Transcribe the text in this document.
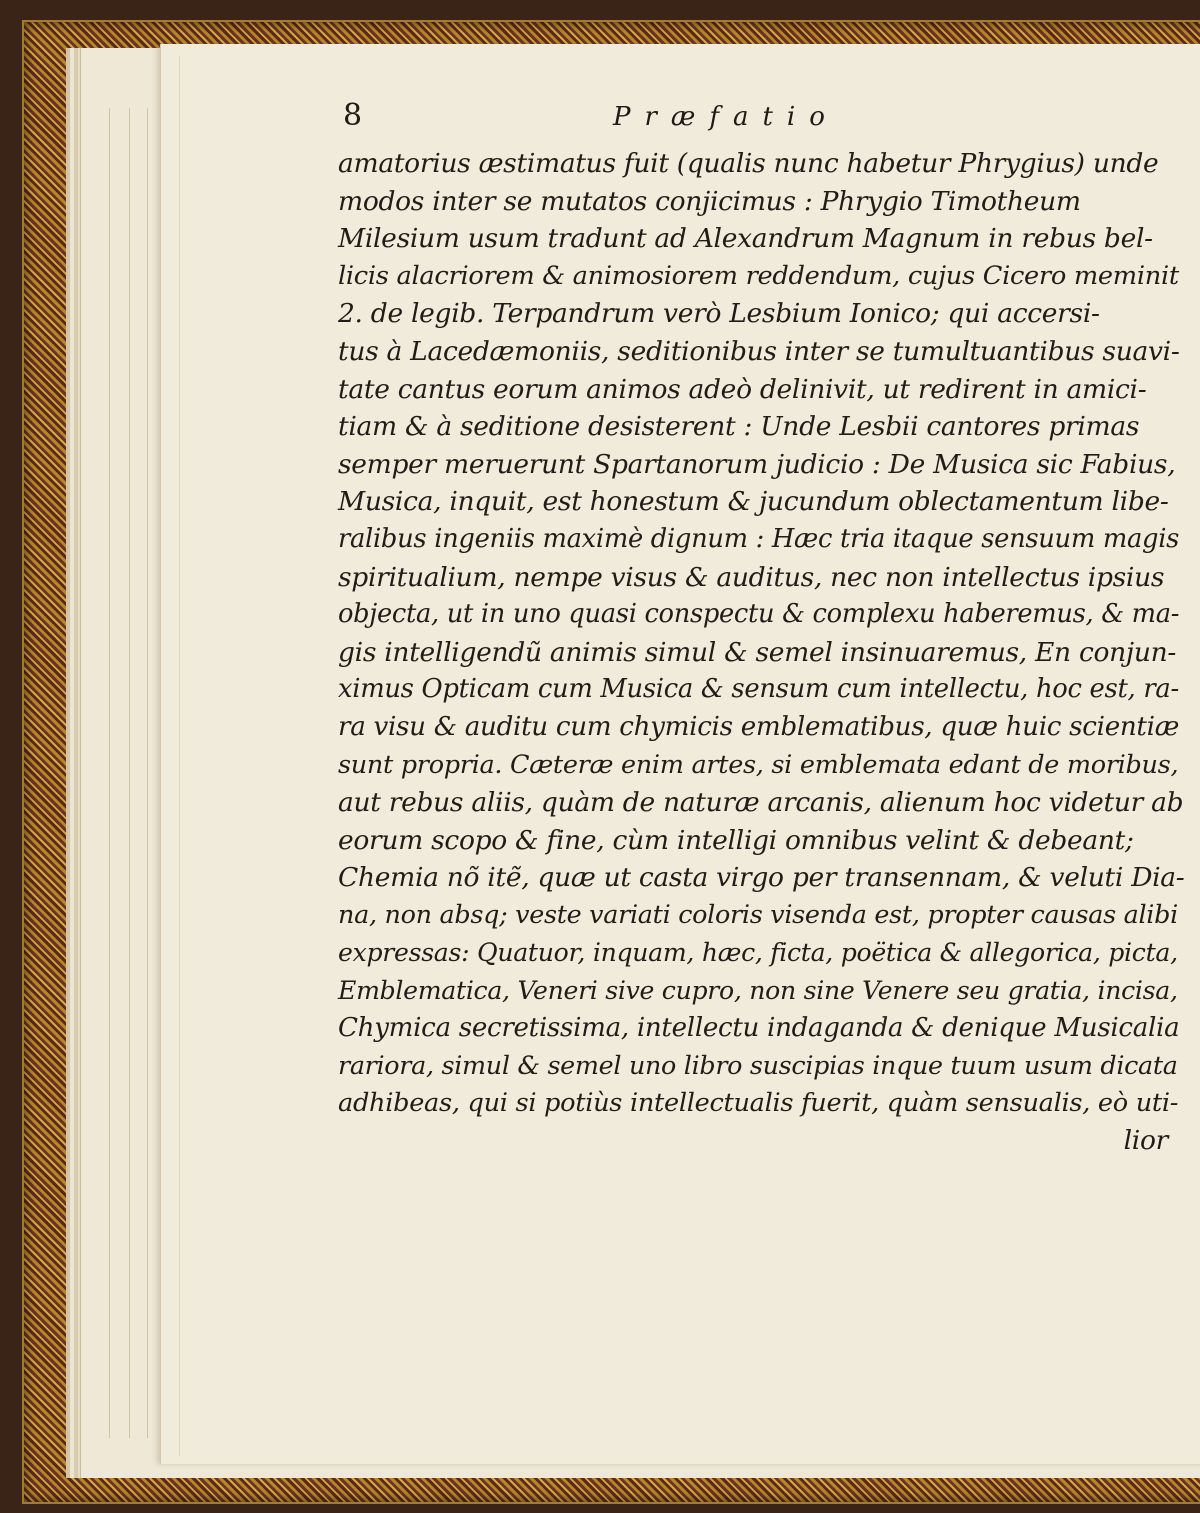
8	Præfatio
amatorius æstimatus fuit (qualis nunc habetur Phrygius) unde
modos inter se mutatos conjicimus : Phrygio Timotheum
Milesium usum tradunt ad Alexandrum Magnum in rebus bel-
licis alacriorem & animosiorem reddendum, cujus Cicero meminit
2. de legib. Terpandrum verò Lesbium Ionico; qui accersi-
tus à Lacedæmoniis, seditionibus inter se tumultuantibus suavi-
tate cantus eorum animos adeò delinivit, ut redirent in amici-
tiam & à seditione desisterent : Unde Lesbii cantores primas
semper meruerunt Spartanorum judicio : De Musica sic Fabius,
Musica, inquit, est honestum & jucundum oblectamentum libe-
ralibus ingeniis maximè dignum : Hæc tria itaque sensuum magis
spiritualium, nempe visus & auditus, nec non intellectus ipsius
objecta, ut in uno quasi conspectu & complexu haberemus, & ma-
gis intelligendũ animis simul & semel insinuaremus, En conjun-
ximus Opticam cum Musica & sensum cum intellectu, hoc est, ra-
ra visu & auditu cum chymicis emblematibus, quæ huic scientiæ
sunt propria. Cæteræ enim artes, si emblemata edant de moribus,
aut rebus aliis, quàm de naturæ arcanis, alienum hoc videtur ab
eorum scopo & fine, cùm intelligi omnibus velint & debeant;
Chemia nõ itẽ, quæ ut casta virgo per transennam, & veluti Dia-
na, non absq; veste variati coloris visenda est, propter causas alibi
expressas: Quatuor, inquam, hæc, ficta, poëtica & allegorica, picta,
Emblematica, Veneri sive cupro, non sine Venere seu gratia, incisa,
Chymica secretissima, intellectu indaganda & denique Musicalia
rariora, simul & semel uno libro suscipias inque tuum usum dicata
adhibeas, qui si potiùs intellectualis fuerit, quàm sensualis, eò uti-
lior
